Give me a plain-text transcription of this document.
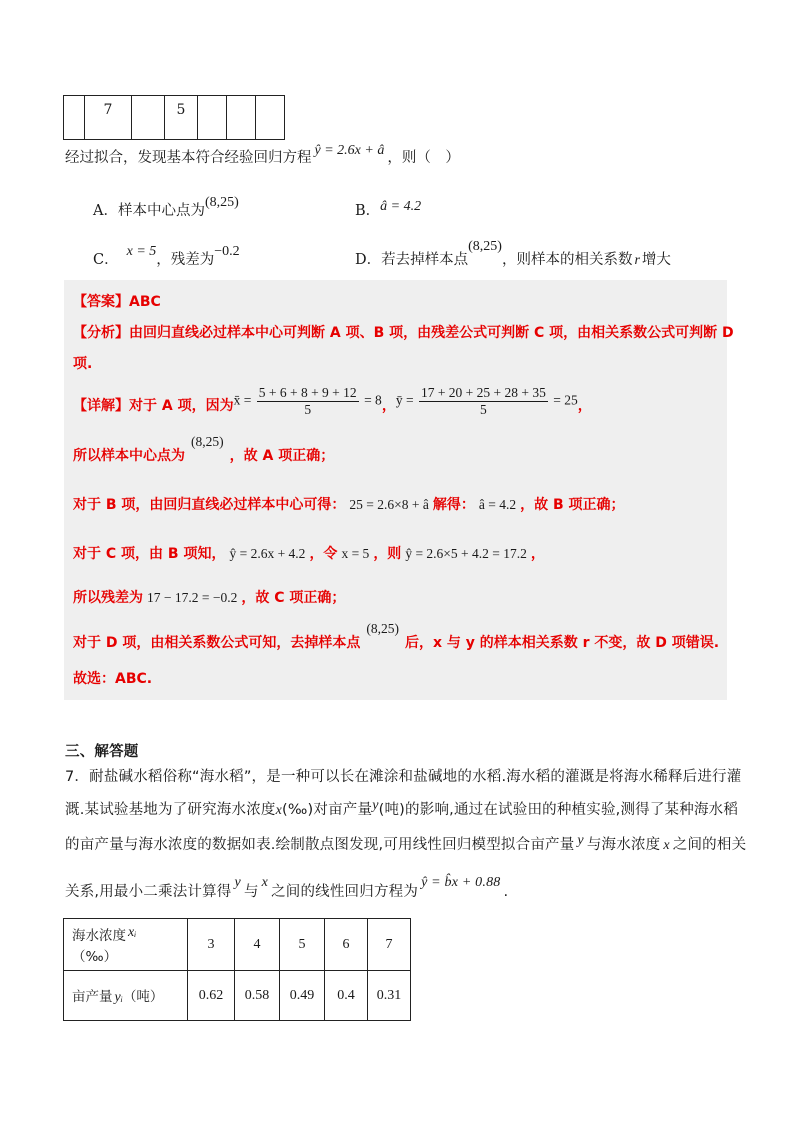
	7		5			
经过拟合，发现基本符合经验回归方程 ŷ = 2.6x + â ，则（　）
A．样本中心点为(8,25)
B．â = 4.2
C．x = 5，残差为−0.2
D．若去掉样本点(8,25)，则样本的相关系数 r 增大
【答案】ABC
【分析】由回归直线必过样本中心可判断 A 项、B 项，由残差公式可判断 C 项，由相关系数公式可判断 D
项.
【详解】对于 A 项，因为x̄ = $\frac{5 + 6 + 8 + 9 + 12}{5} = 8$，ȳ = $\frac{17 + 20 + 25 + 28 + 35}{5} = 25$，
所以样本中心点为(8,25)，故 A 项正确；
对于 B 项，由回归直线必过样本中心可得： 25 = 2.6×8 + â 解得： â = 4.2 ，故 B 项正确；
对于 C 项，由 B 项知， ŷ = 2.6x + 4.2 ，令 x = 5 ，则 ŷ = 2.6×5 + 4.2 = 17.2 ，
所以残差为 17 − 17.2 = −0.2 ，故 C 项正确；
对于 D 项，由相关系数公式可知，去掉样本点(8,25)后，x 与 y 的样本相关系数 r 不变，故 D 项错误.
故选：ABC.
三、解答题
7．耐盐碱水稻俗称“海水稻”，是一种可以长在滩涂和盐碱地的水稻.海水稻的灌溉是将海水稀释后进行灌
溉.某试验基地为了研究海水浓度x(‰)对亩产量y(吨)的影响,通过在试验田的种植实验,测得了某种海水稻
的亩产量与海水浓度的数据如表.绘制散点图发现,可用线性回归模型拟合亩产量 y 与海水浓度 x 之间的相关
关系,用最小二乘法计算得y与x之间的线性回归方程为ŷ = b̂x + 0.88.
海水浓度 xᵢ
（‰）	3	4	5	6	7
亩产量 yᵢ（吨）	0.62	0.58	0.49	0.4	0.31
